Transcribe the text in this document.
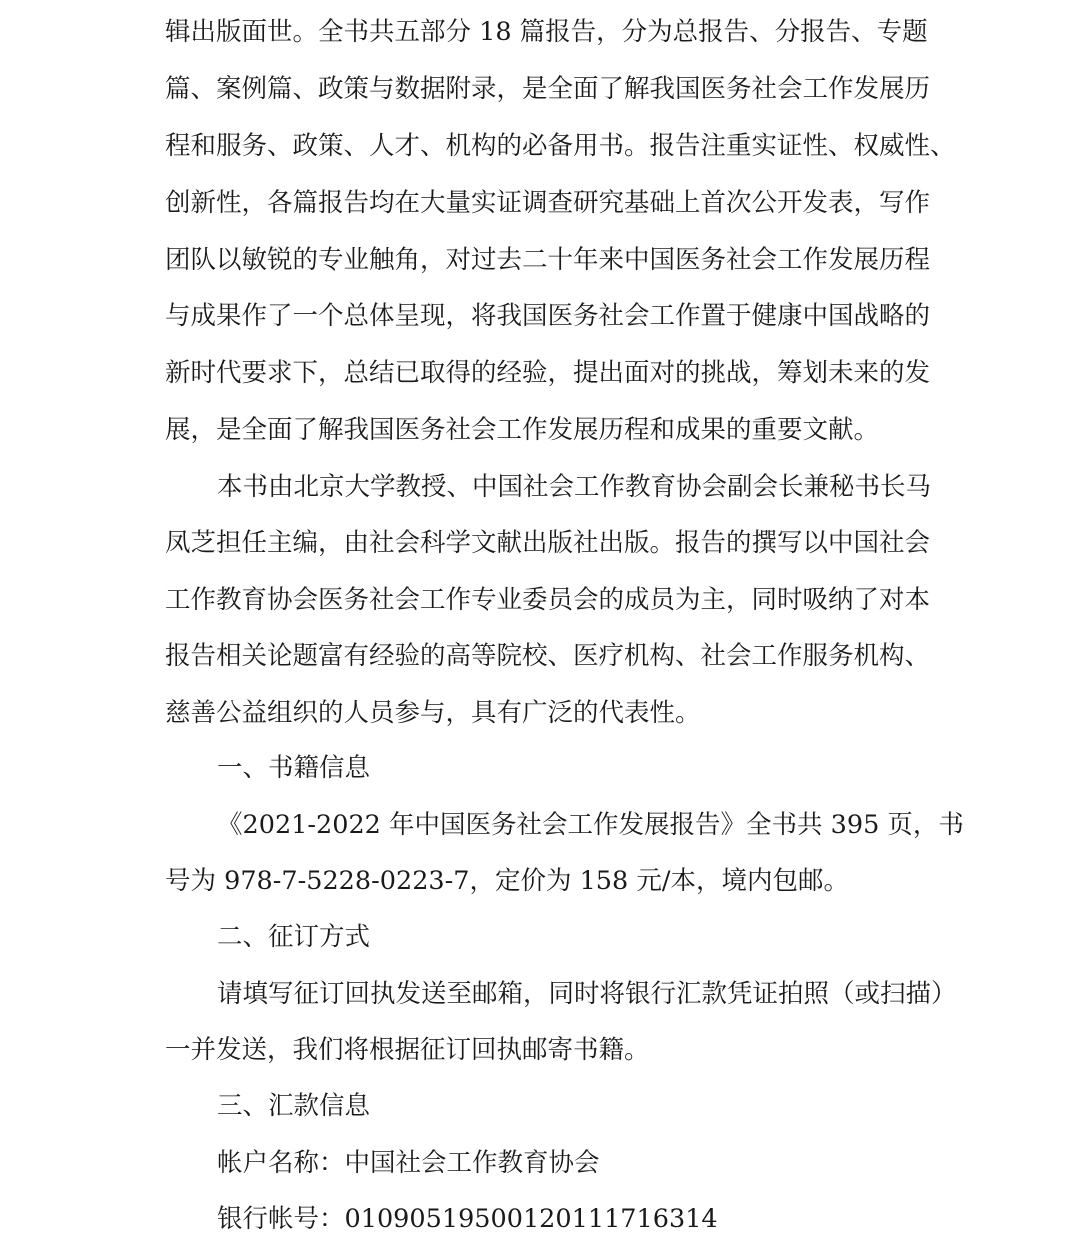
辑出版面世。全书共五部分 18 篇报告，分为总报告、分报告、专题
篇、案例篇、政策与数据附录，是全面了解我国医务社会工作发展历
程和服务、政策、人才、机构的必备用书。报告注重实证性、权威性、
创新性，各篇报告均在大量实证调查研究基础上首次公开发表，写作
团队以敏锐的专业触角，对过去二十年来中国医务社会工作发展历程
与成果作了一个总体呈现，将我国医务社会工作置于健康中国战略的
新时代要求下，总结已取得的经验，提出面对的挑战，筹划未来的发
展，是全面了解我国医务社会工作发展历程和成果的重要文献。
本书由北京大学教授、中国社会工作教育协会副会长兼秘书长马
凤芝担任主编，由社会科学文献出版社出版。报告的撰写以中国社会
工作教育协会医务社会工作专业委员会的成员为主，同时吸纳了对本
报告相关论题富有经验的高等院校、医疗机构、社会工作服务机构、
慈善公益组织的人员参与，具有广泛的代表性。
一、书籍信息
《2021-2022 年中国医务社会工作发展报告》全书共 395 页，书
号为 978-7-5228-0223-7，定价为 158 元/本，境内包邮。
二、征订方式
请填写征订回执发送至邮箱，同时将银行汇款凭证拍照（或扫描）
一并发送，我们将根据征订回执邮寄书籍。
三、汇款信息
帐户名称：中国社会工作教育协会
银行帐号：0109051950012011171631​4
